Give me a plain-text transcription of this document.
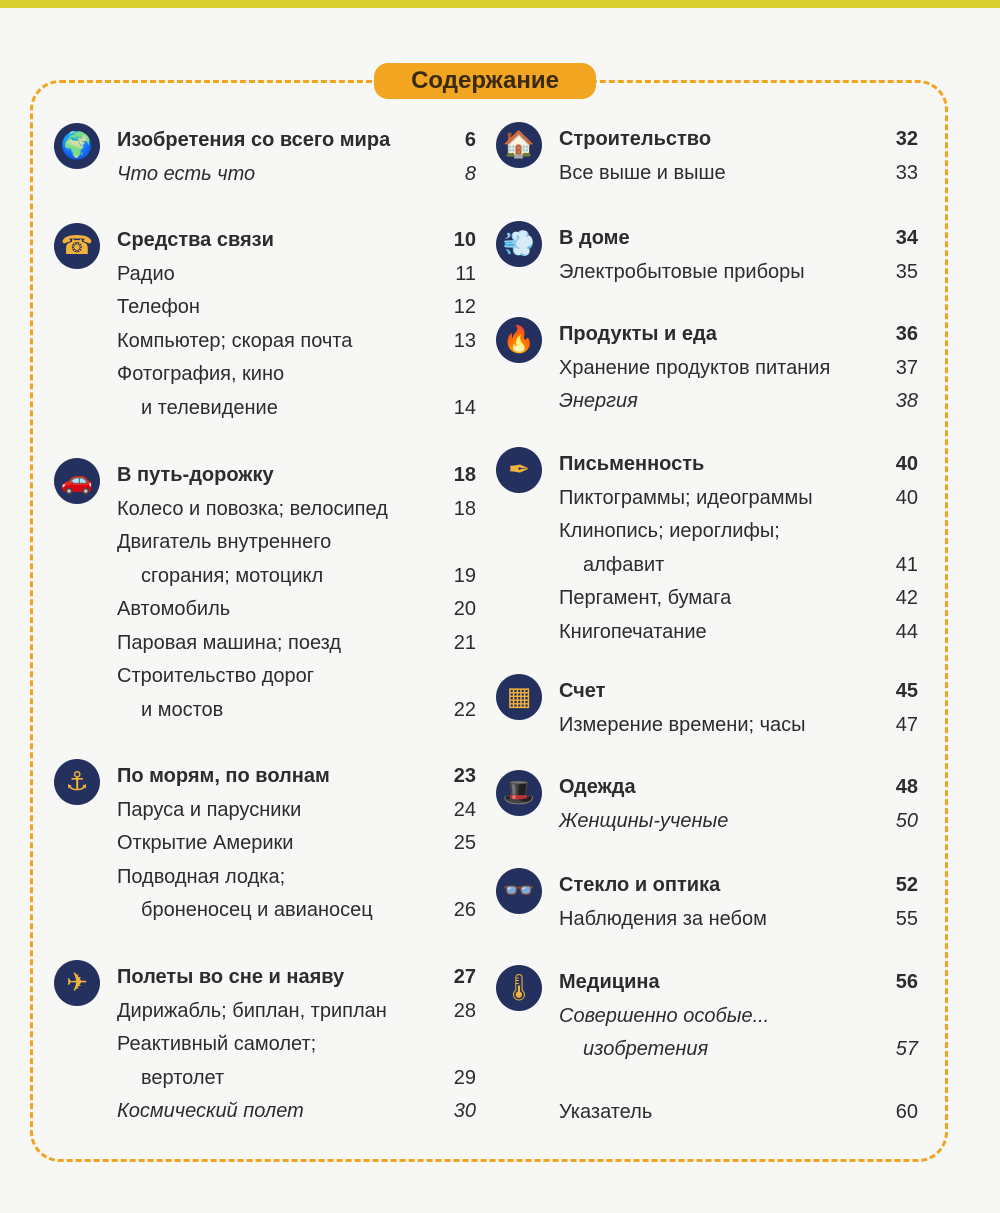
Содержание
🌍	Изобретения со всего мира	6
Что есть что	8
☎	Средства связи	10
Радио	11
Телефон	12
Компьютер; скорая почта	13
Фотография, кино
и телевидение	14
🚗	В путь-дорожку	18
Колесо и повозка; велосипед	18
Двигатель внутреннего
сгорания; мотоцикл	19
Автомобиль	20
Паровая машина; поезд	21
Строительство дорог
и мостов	22
⚓	По морям, по волнам	23
Паруса и парусники	24
Открытие Америки	25
Подводная лодка;
броненосец и авианосец	26
✈	Полеты во сне и наяву	27
Дирижабль; биплан, триплан	28
Реактивный самолет;
вертолет	29
Космический полет	30
🏠	Строительство	32
Все выше и выше	33
💨	В доме	34
Электробытовые приборы	35
🔥	Продукты и еда	36
Хранение продуктов питания	37
Энергия	38
✒	Письменность	40
Пиктограммы; идеограммы	40
Клинопись; иероглифы;
алфавит	41
Пергамент, бумага	42
Книгопечатание	44
▦	Счет	45
Измерение времени; часы	47
🎩	Одежда	48
Женщины-ученые	50
👓	Стекло и оптика	52
Наблюдения за небом	55
🌡	Медицина	56
Совершенно особые...
изобретения	57
Указатель	60
